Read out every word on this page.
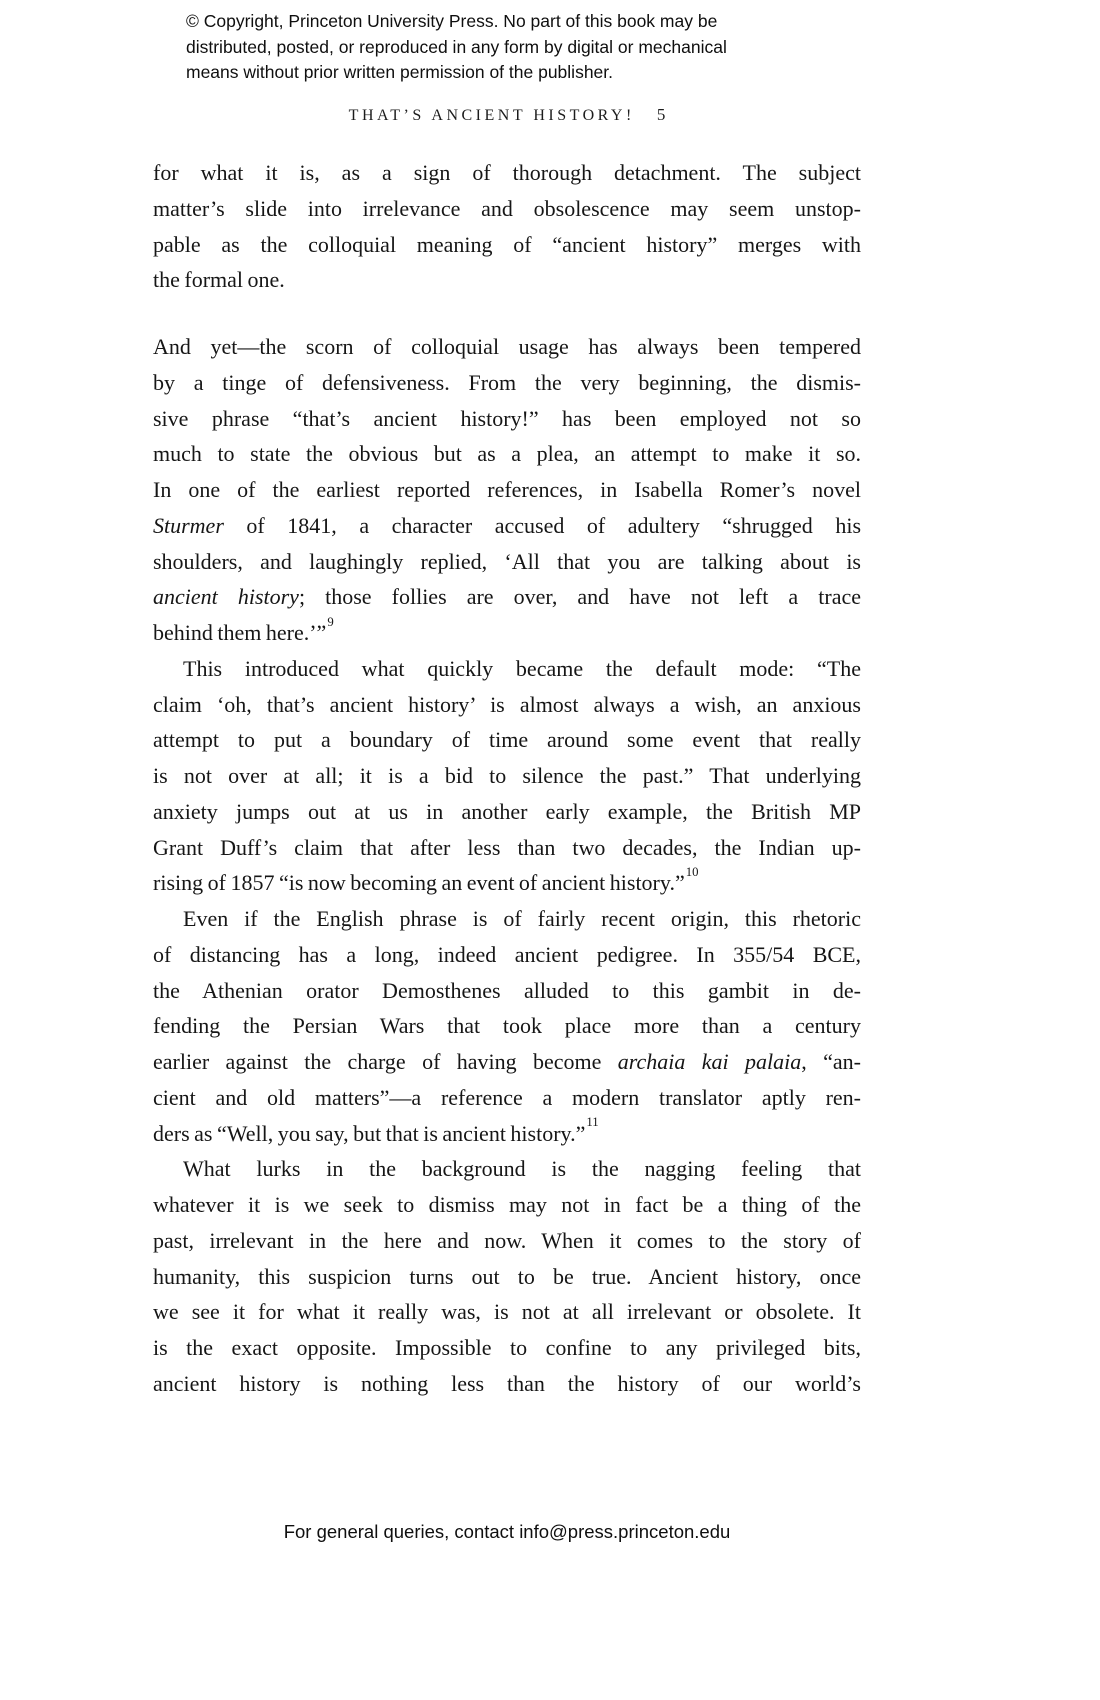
© Copyright, Princeton University Press. No part of this book may be
distributed, posted, or reproduced in any form by digital or mechanical
means without prior written permission of the publisher.
THAT’S ANCIENT HISTORY! 5
for what it is, as a sign of thorough detachment. The subject
matter’s slide into irrelevance and obsolescence may seem unstop-
pable as the colloquial meaning of “ancient history” merges with
the formal one.
And yet—the scorn of colloquial usage has always been tempered
by a tinge of defensiveness. From the very beginning, the dismis-
sive phrase “that’s ancient history!” has been employed not so
much to state the obvious but as a plea, an attempt to make it so.
In one of the earliest reported references, in Isabella Romer’s novel
Sturmer of 1841, a character accused of adultery “shrugged his
shoulders, and laughingly replied, ‘All that you are talking about is
ancient history; those follies are over, and have not left a trace
behind them here.’”$^9$
This introduced what quickly became the default mode: “The
claim ‘oh, that’s ancient history’ is almost always a wish, an anxious
attempt to put a boundary of time around some event that really
is not over at all; it is a bid to silence the past.” That underlying
anxiety jumps out at us in another early example, the British MP
Grant Duff’s claim that after less than two decades, the Indian up-
rising of 1857 “is now becoming an event of ancient history.”$^{10}$
Even if the English phrase is of fairly recent origin, this rhetoric
of distancing has a long, indeed ancient pedigree. In 355/54 BCE,
the Athenian orator Demosthenes alluded to this gambit in de-
fending the Persian Wars that took place more than a century
earlier against the charge of having become archaia kai palaia, “an-
cient and old matters”—a reference a modern translator aptly ren-
ders as “Well, you say, but that is ancient history.”$^{11}$
What lurks in the background is the nagging feeling that
whatever it is we seek to dismiss may not in fact be a thing of the
past, irrelevant in the here and now. When it comes to the story of
humanity, this suspicion turns out to be true. Ancient history, once
we see it for what it really was, is not at all irrelevant or obsolete. It
is the exact opposite. Impossible to confine to any privileged bits,
ancient history is nothing less than the history of our world’s
For general queries, contact info@press.princeton.edu
